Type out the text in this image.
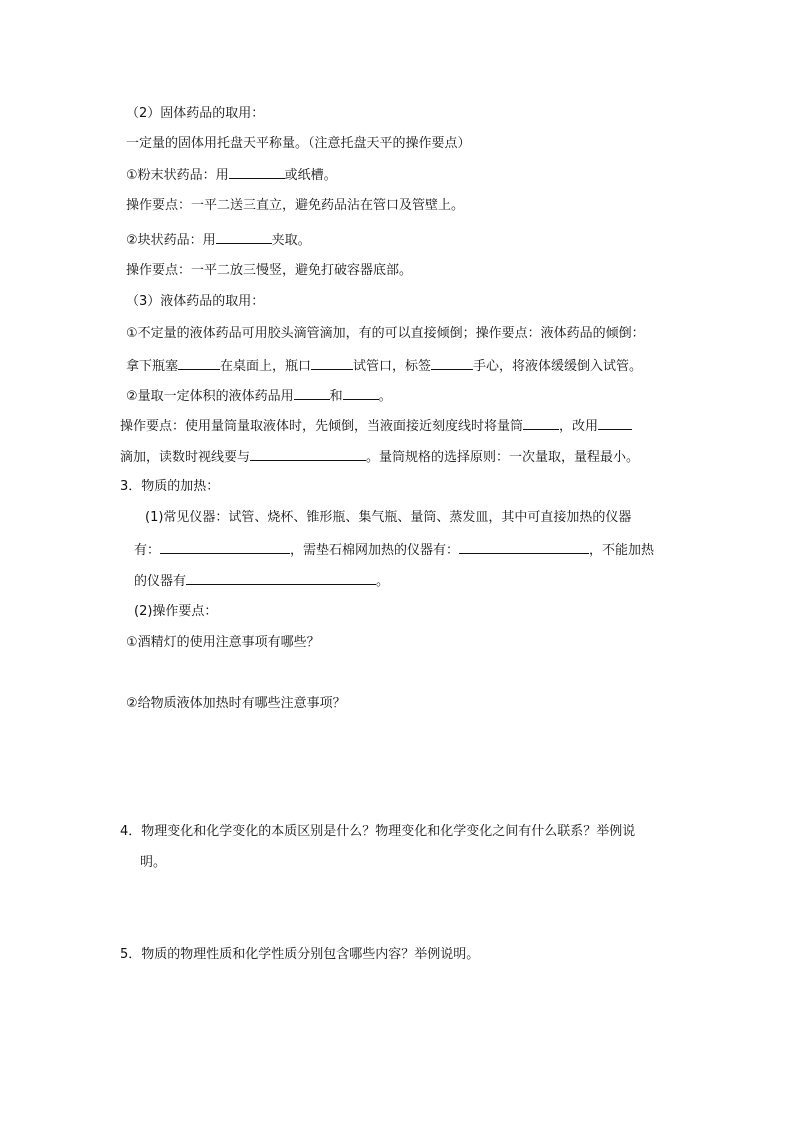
（2）固体药品的取用：
一定量的固体用托盘天平称量。（注意托盘天平的操作要点）
①粉末状药品：用	或纸槽。
操作要点：一平二送三直立，避免药品沾在管口及管壁上。
②块状药品：用	夹取。
操作要点：一平二放三慢竖，避免打破容器底部。
（3）液体药品的取用：
①不定量的液体药品可用胶头滴管滴加，有的可以直接倾倒；操作要点：液体药品的倾倒：
拿下瓶塞	在桌面上，瓶口	试管口，标签	手心，将液体缓缓倒入试管。
②量取一定体积的液体药品用	和	。
操作要点：使用量筒量取液体时，先倾倒，当液面接近刻度线时将量筒	，改用
滴加，读数时视线要与	。量筒规格的选择原则：一次量取，量程最小。
3．物质的加热：
(1)常见仪器：试管、烧杯、锥形瓶、集气瓶、量筒、蒸发皿，其中可直接加热的仪器
有：	，需垫石棉网加热的仪器有：	，不能加热
的仪器有	。
(2)操作要点：
①酒精灯的使用注意事项有哪些？
②给物质液体加热时有哪些注意事项？
4．物理变化和化学变化的本质区别是什么？物理变化和化学变化之间有什么联系？举例说
明。
5．物质的物理性质和化学性质分别包含哪些内容？举例说明。
